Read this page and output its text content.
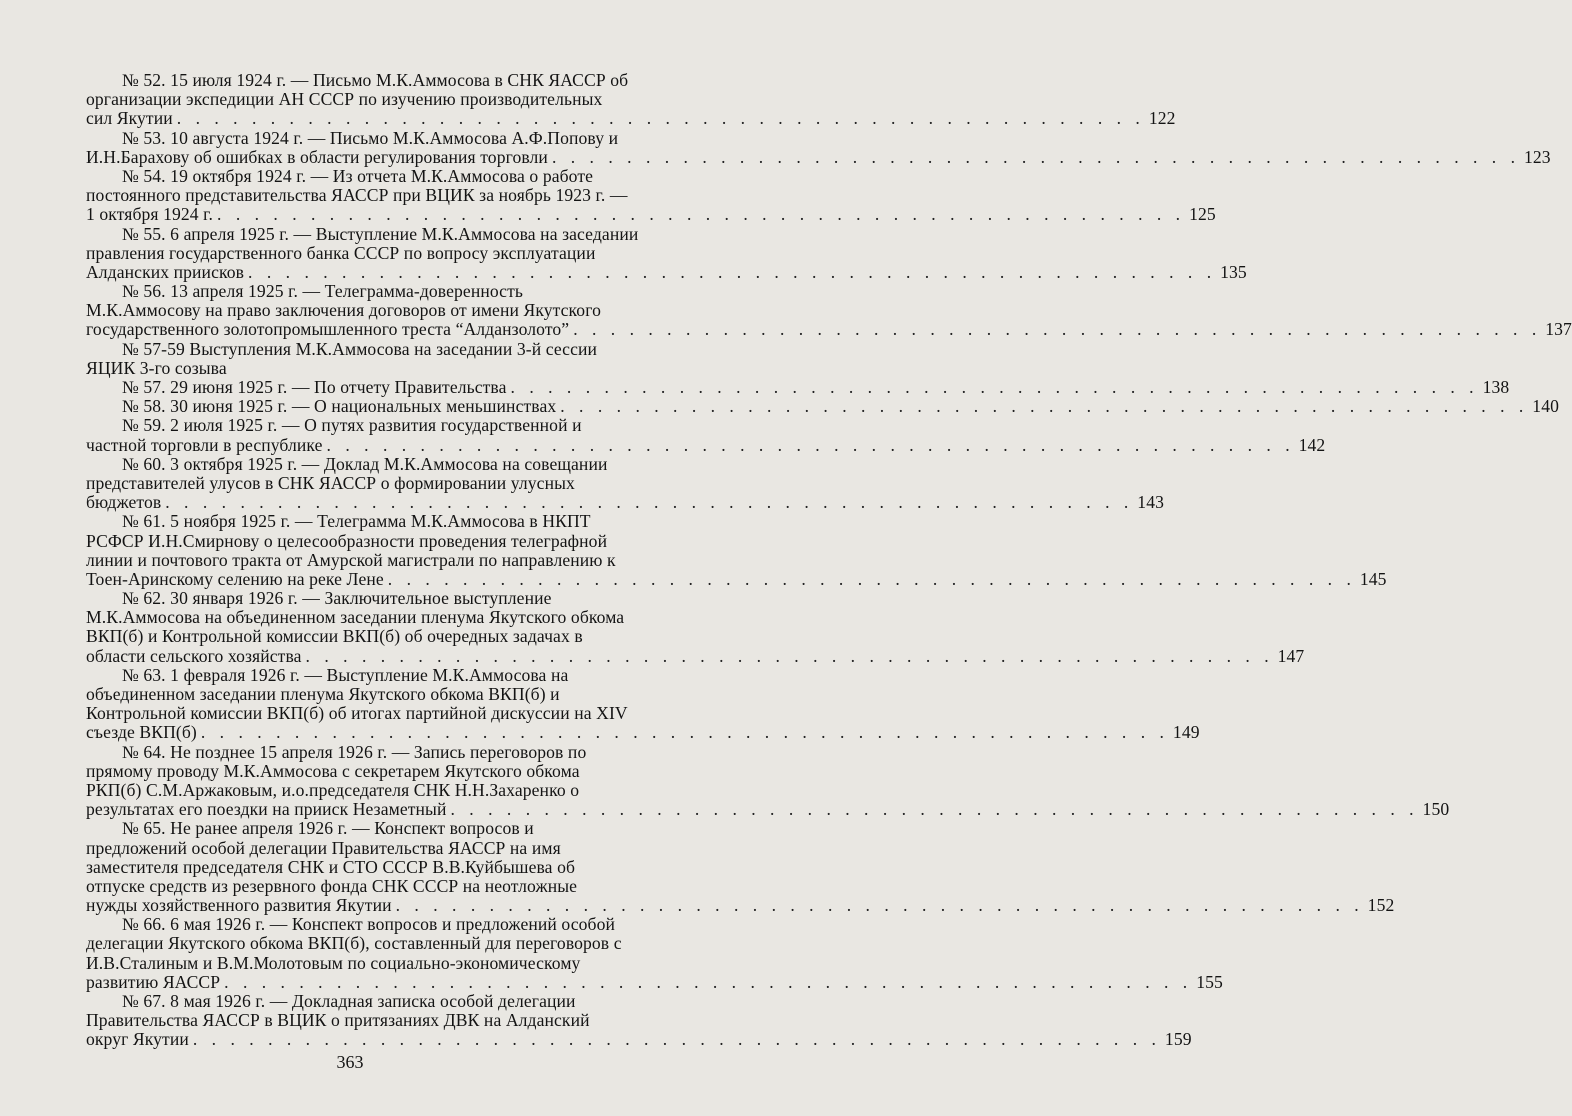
№ 52. 15 июля 1924 г. — Письмо М.К.Аммосова в СНК ЯАССР об
организации экспедиции АН СССР по изучению производительных
сил Якутии . . . . . . . . . . . . . . . . . . . . . . . . . . . . . . . . . . . . . . . . . . . . . . . . . . . . 122
№ 53. 10 августа 1924 г. — Письмо М.К.Аммосова А.Ф.Попову и
И.Н.Барахову об ошибках в области регулирования торговли . . . . . . . . . . . . . . . . . . . . . . . . . . . . . . . . . . . . . . . . . . . . . . . . . . . . 123
№ 54. 19 октября 1924 г. — Из отчета М.К.Аммосова о работе
постоянного представительства ЯАССР при ВЦИК за ноябрь 1923 г. —
1 октября 1924 г. . . . . . . . . . . . . . . . . . . . . . . . . . . . . . . . . . . . . . . . . . . . . . . . . . . . . 125
№ 55. 6 апреля 1925 г. — Выступление М.К.Аммосова на заседании
правления государственного банка СССР по вопросу эксплуатации
Алданских приисков . . . . . . . . . . . . . . . . . . . . . . . . . . . . . . . . . . . . . . . . . . . . . . . . . . . . 135
№ 56. 13 апреля 1925 г. — Телеграмма-доверенность
М.К.Аммосову на право заключения договоров от имени Якутского
государственного золотопромышленного треста “Алданзолото” . . . . . . . . . . . . . . . . . . . . . . . . . . . . . . . . . . . . . . . . . . . . . . . . . . . . 137
№ 57-59 Выступления М.К.Аммосова на заседании 3-й сессии
ЯЦИК 3-го созыва
№ 57. 29 июня 1925 г. — По отчету Правительства . . . . . . . . . . . . . . . . . . . . . . . . . . . . . . . . . . . . . . . . . . . . . . . . . . . . 138
№ 58. 30 июня 1925 г. — О национальных меньшинствах . . . . . . . . . . . . . . . . . . . . . . . . . . . . . . . . . . . . . . . . . . . . . . . . . . . . 140
№ 59. 2 июля 1925 г. — О путях развития государственной и
частной торговли в республике . . . . . . . . . . . . . . . . . . . . . . . . . . . . . . . . . . . . . . . . . . . . . . . . . . . . 142
№ 60. 3 октября 1925 г. — Доклад М.К.Аммосова на совещании
представителей улусов в СНК ЯАССР о формировании улусных
бюджетов . . . . . . . . . . . . . . . . . . . . . . . . . . . . . . . . . . . . . . . . . . . . . . . . . . . . 143
№ 61. 5 ноября 1925 г. — Телеграмма М.К.Аммосова в НКПТ
РСФСР И.Н.Смирнову о целесообразности проведения телеграфной
линии и почтового тракта от Амурской магистрали по направлению к
Тоен-Аринскому селению на реке Лене . . . . . . . . . . . . . . . . . . . . . . . . . . . . . . . . . . . . . . . . . . . . . . . . . . . . 145
№ 62. 30 января 1926 г. — Заключительное выступление
М.К.Аммосова на объединенном заседании пленума Якутского обкома
ВКП(б) и Контрольной комиссии ВКП(б) об очередных задачах в
области сельского хозяйства . . . . . . . . . . . . . . . . . . . . . . . . . . . . . . . . . . . . . . . . . . . . . . . . . . . . 147
№ 63. 1 февраля 1926 г. — Выступление М.К.Аммосова на
объединенном заседании пленума Якутского обкома ВКП(б) и
Контрольной комиссии ВКП(б) об итогах партийной дискуссии на XIV
съезде ВКП(б) . . . . . . . . . . . . . . . . . . . . . . . . . . . . . . . . . . . . . . . . . . . . . . . . . . . . 149
№ 64. Не позднее 15 апреля 1926 г. — Запись переговоров по
прямому проводу М.К.Аммосова с секретарем Якутского обкома
РКП(б) С.М.Аржаковым, и.о.председателя СНК Н.Н.Захаренко о
результатах его поездки на прииск Незаметный . . . . . . . . . . . . . . . . . . . . . . . . . . . . . . . . . . . . . . . . . . . . . . . . . . . . 150
№ 65. Не ранее апреля 1926 г. — Конспект вопросов и
предложений особой делегации Правительства ЯАССР на имя
заместителя председателя СНК и СТО СССР В.В.Куйбышева об
отпуске средств из резервного фонда СНК СССР на неотложные
нужды хозяйственного развития Якутии . . . . . . . . . . . . . . . . . . . . . . . . . . . . . . . . . . . . . . . . . . . . . . . . . . . . 152
№ 66. 6 мая 1926 г. — Конспект вопросов и предложений особой
делегации Якутского обкома ВКП(б), составленный для переговоров с
И.В.Сталиным и В.М.Молотовым по социально-экономическому
развитию ЯАССР . . . . . . . . . . . . . . . . . . . . . . . . . . . . . . . . . . . . . . . . . . . . . . . . . . . . 155
№ 67. 8 мая 1926 г. — Докладная записка особой делегации
Правительства ЯАССР в ВЦИК о притязаниях ДВК на Алданский
округ Якутии . . . . . . . . . . . . . . . . . . . . . . . . . . . . . . . . . . . . . . . . . . . . . . . . . . . . 159
363
